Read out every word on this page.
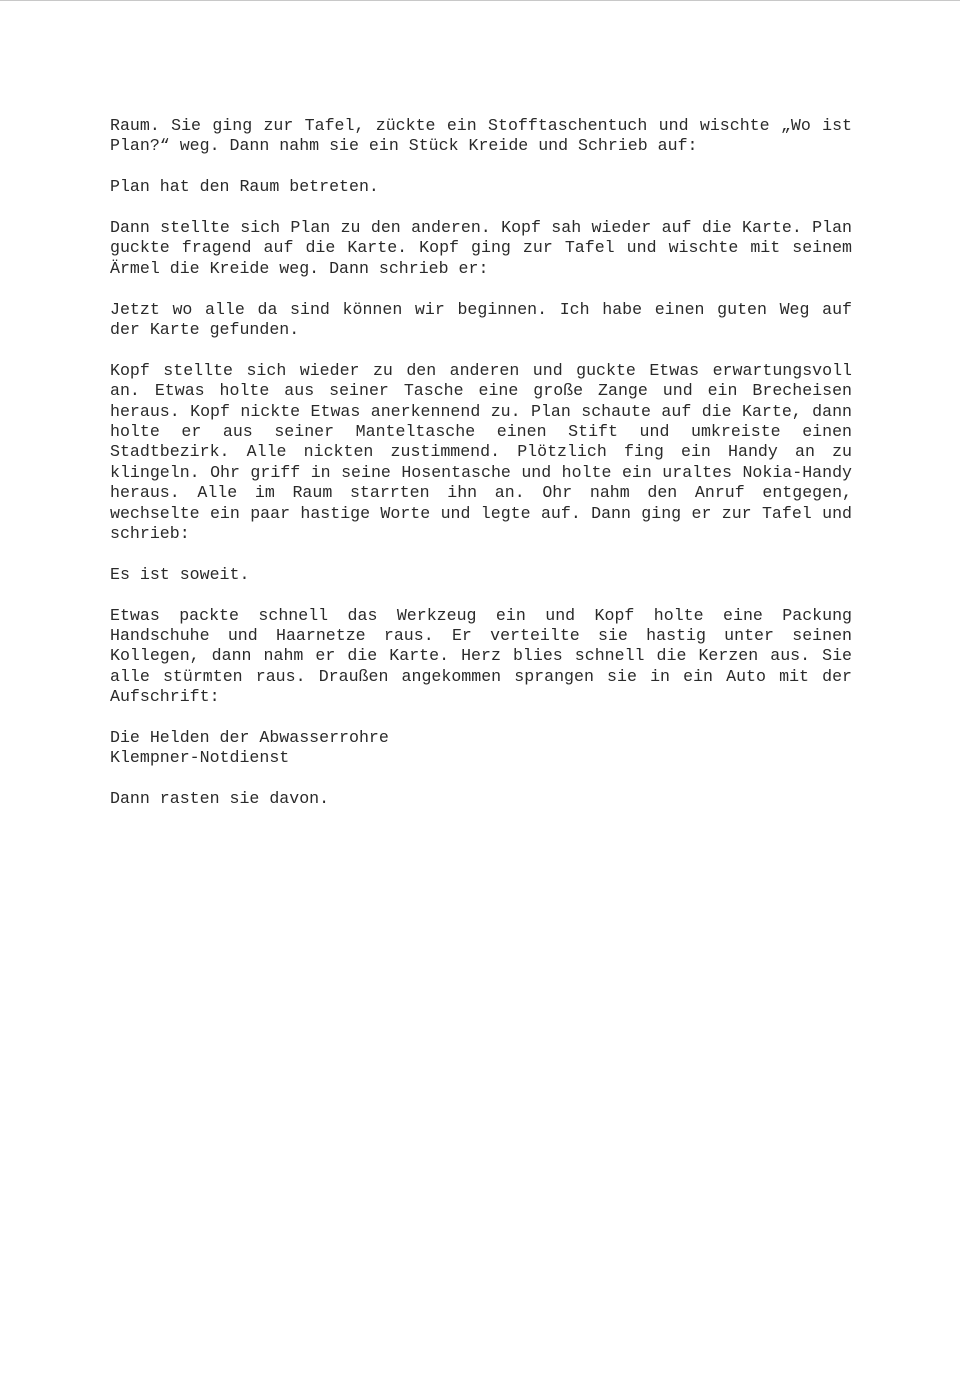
Raum. Sie ging zur Tafel, zückte ein Stofftaschentuch und wischte „Wo ist Plan?“ weg. Dann nahm sie ein Stück Kreide und Schrieb auf:

Plan hat den Raum betreten.

Dann stellte sich Plan zu den anderen. Kopf sah wieder auf die Karte. Plan guckte fragend auf die Karte. Kopf ging zur Tafel und wischte mit seinem Ärmel die Kreide weg. Dann schrieb er:

Jetzt wo alle da sind können wir beginnen. Ich habe einen guten Weg auf der Karte gefunden.

Kopf stellte sich wieder zu den anderen und guckte Etwas erwartungsvoll an. Etwas holte aus seiner Tasche eine große Zange und ein Brecheisen heraus. Kopf nickte Etwas anerkennend zu. Plan schaute auf die Karte, dann holte er aus seiner Manteltasche einen Stift und umkreiste einen Stadtbezirk. Alle nickten zustimmend. Plötzlich fing ein Handy an zu klingeln. Ohr griff in seine Hosentasche und holte ein uraltes Nokia-Handy heraus. Alle im Raum starrten ihn an. Ohr nahm den Anruf entgegen, wechselte ein paar hastige Worte und legte auf. Dann ging er zur Tafel und schrieb:

Es ist soweit.

Etwas packte schnell das Werkzeug ein und Kopf holte eine Packung Handschuhe und Haarnetze raus. Er verteilte sie hastig unter seinen Kollegen, dann nahm er die Karte. Herz blies schnell die Kerzen aus. Sie alle stürmten raus. Draußen angekommen sprangen sie in ein Auto mit der Aufschrift:

Die Helden der Abwasserrohre
Klempner-Notdienst

Dann rasten sie davon.
